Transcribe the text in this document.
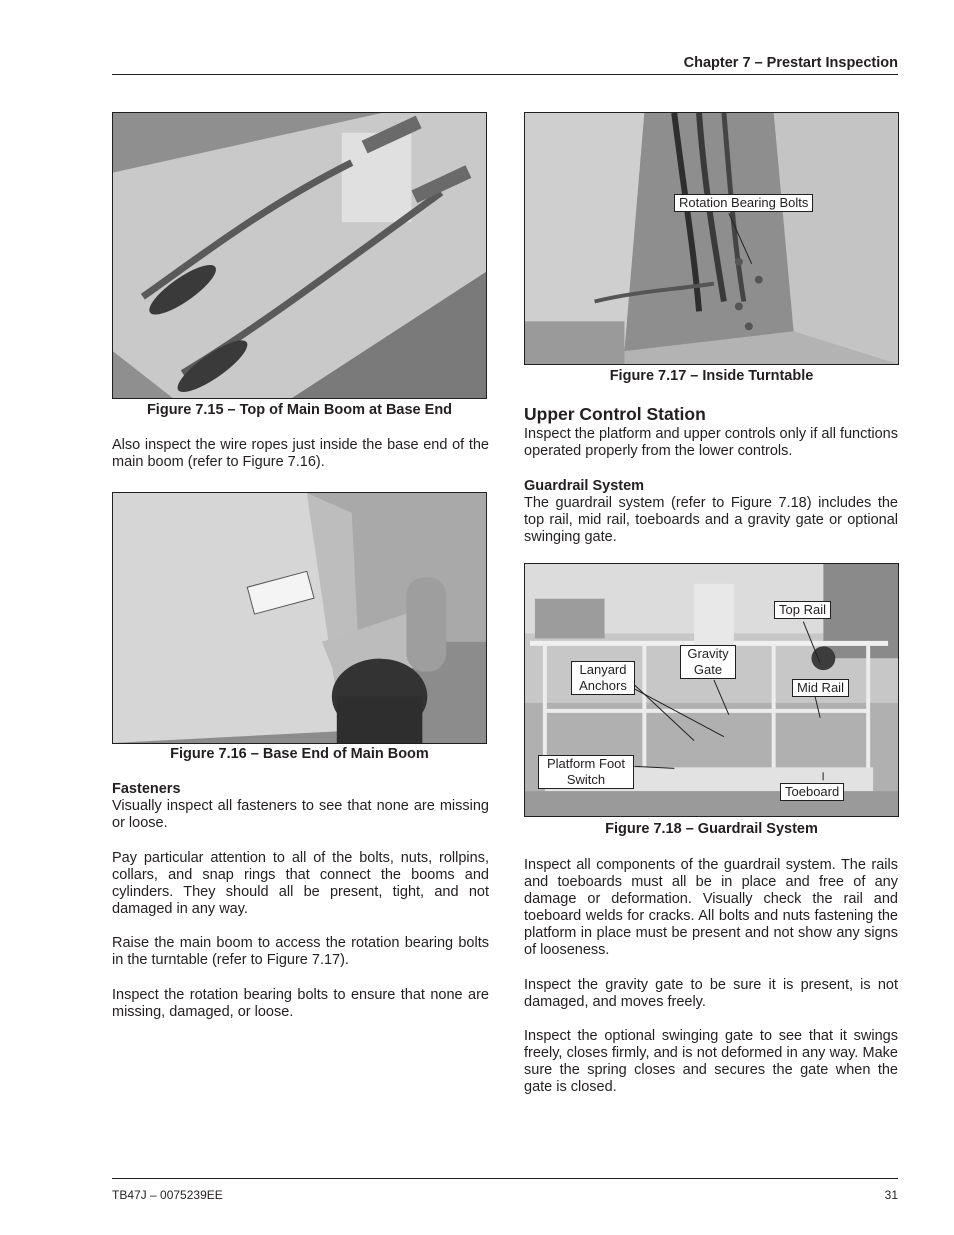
Chapter 7 – Prestart Inspection
Figure 7.15 – Top of Main Boom at Base End
Also inspect the wire ropes just inside the base end of the main boom (refer to Figure 7.16).
Figure 7.16 – Base End of Main Boom
Fasteners
Visually inspect all fasteners to see that none are missing or loose.
Pay particular attention to all of the bolts, nuts, rollpins, collars, and snap rings that connect the booms and cylinders. They should all be present, tight, and not damaged in any way.
Raise the main boom to access the rotation bearing bolts in the turntable (refer to Figure 7.17).
Inspect the rotation bearing bolts to ensure that none are missing, damaged, or loose.
Rotation Bearing Bolts
Figure 7.17 – Inside Turntable
Upper Control Station
Inspect the platform and upper controls only if all functions operated properly from the lower controls.
Guardrail System
The guardrail system (refer to Figure 7.18) includes the top rail, mid rail, toeboards and a gravity gate or optional swinging gate.
Top Rail
Gravity Gate
Lanyard Anchors	Mid Rail
Platform Foot Switch
Toeboard
Figure 7.18 – Guardrail System
Inspect all components of the guardrail system. The rails and toeboards must all be in place and free of any damage or deformation. Visually check the rail and toeboard welds for cracks. All bolts and nuts fastening the platform in place must be present and not show any signs of looseness.
Inspect the gravity gate to be sure it is present, is not damaged, and moves freely.
Inspect the optional swinging gate to see that it swings freely, closes firmly, and is not deformed in any way. Make sure the spring closes and secures the gate when the gate is closed.
TB47J – 0075239EE	31
